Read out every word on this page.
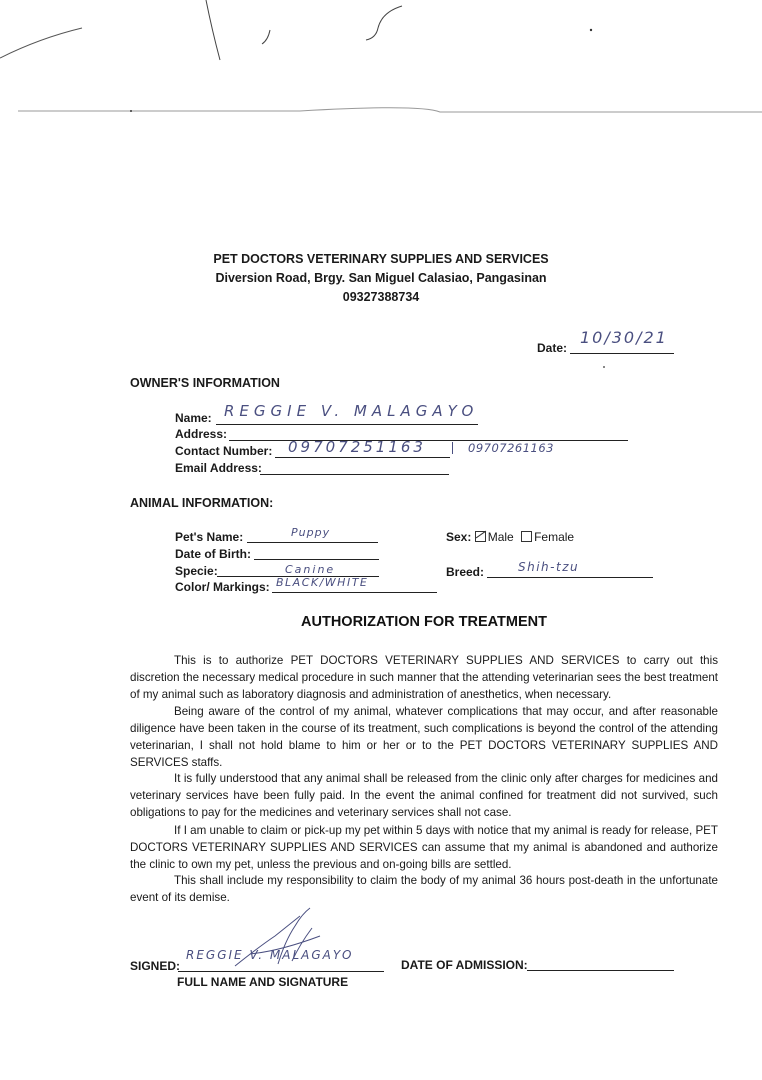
PET DOCTORS VETERINARY SUPPLIES AND SERVICES
Diversion Road, Brgy. San Miguel Calasiao, Pangasinan
09327388734
Date:
10/30/21
OWNER'S INFORMATION
Name: REGGIE V. MALAGAYO
Address:
Contact Number: 09707251163	09707261163
Email Address:
ANIMAL INFORMATION:
Pet's Name:	Puppy
Date of Birth:
Specie:	Canine
Color/ Markings: BLACK/WHITE
Sex: Male Female
Breed:	Shih-tzu
AUTHORIZATION FOR TREATMENT
This is to authorize PET DOCTORS VETERINARY SUPPLIES AND SERVICES to carry out this discretion the necessary medical procedure in such manner that the attending veterinarian sees the best treatment of my animal such as laboratory diagnosis and administration of anesthetics, when necessary.
Being aware of the control of my animal, whatever complications that may occur, and after reasonable diligence have been taken in the course of its treatment, such complications is beyond the control of the attending veterinarian, I shall not hold blame to him or her or to the PET DOCTORS VETERINARY SUPPLIES AND SERVICES staffs.
It is fully understood that any animal shall be released from the clinic only after charges for medicines and veterinary services have been fully paid. In the event the animal confined for treatment did not survived, such obligations to pay for the medicines and veterinary services shall not case.
If I am unable to claim or pick-up my pet within 5 days with notice that my animal is ready for release, PET DOCTORS VETERINARY SUPPLIES AND SERVICES can assume that my animal is abandoned and authorize the clinic to own my pet, unless the previous and on-going bills are settled.
This shall include my responsibility to claim the body of my animal 36 hours post-death in the unfortunate event of its demise.
SIGNED:
REGGIE V. MALAGAYO
FULL NAME AND SIGNATURE
DATE OF ADMISSION:
